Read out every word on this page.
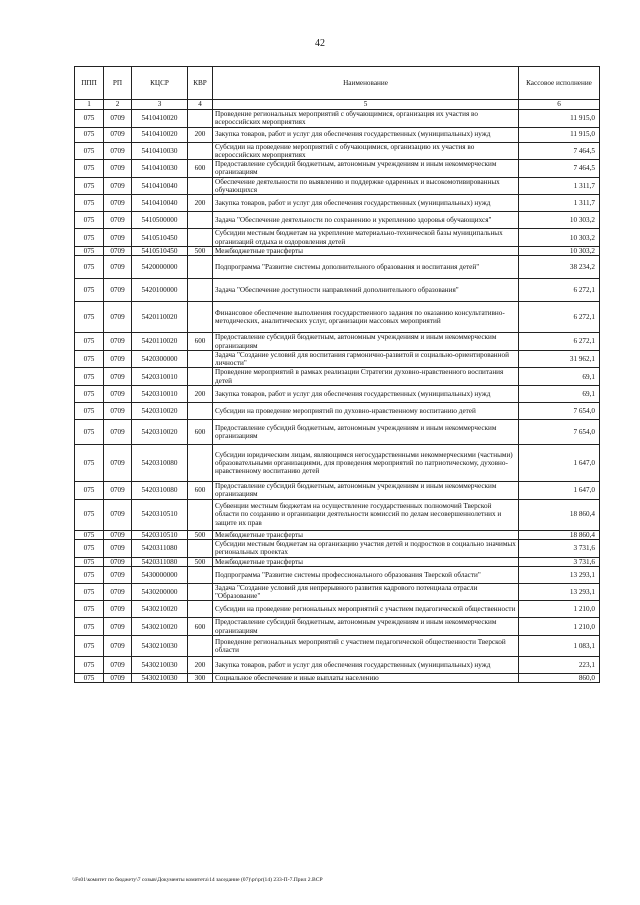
42
ППП	РП	КЦСР	КВР	Наименование	Кассовое исполнение
1	2	3	4	5	6
075	0709	5410410020		Проведение региональных мероприятий с обучающимися, организация их участия во всероссийских мероприятиях	11 915,0
075	0709	5410410020	200	Закупка товаров, работ и услуг для обеспечения государственных (муниципальных) нужд	11 915,0
075	0709	5410410030		Субсидии на проведение мероприятий с обучающимися, организацию их участия во всероссийских мероприятиях	7 464,5
075	0709	5410410030	600	Предоставление субсидий бюджетным, автономным учреждениям и иным некоммерческим организациям	7 464,5
075	0709	5410410040		Обеспечение деятельности по выявлению и поддержке одаренных и высокомотивированных обучающихся	1 311,7
075	0709	5410410040	200	Закупка товаров, работ и услуг для обеспечения государственных (муниципальных) нужд	1 311,7
075	0709	5410500000		Задача "Обеспечение деятельности по сохранению и укреплению здоровья обучающихся"	10 303,2
075	0709	5410510450		Субсидии местным бюджетам на укрепление материально-технической базы муниципальных организаций отдыха и оздоровления детей	10 303,2
075	0709	5410510450	500	Межбюджетные трансферты	10 303,2
075	0709	5420000000		Подпрограмма "Развитие системы дополнительного образования и воспитания детей"	38 234,2
075	0709	5420100000		Задача "Обеспечение доступности направлений дополнительного образования"	6 272,1
075	0709	5420110020		Финансовое обеспечение выполнения государственного задания по оказанию консультативно-методических, аналитических услуг, организации массовых мероприятий	6 272,1
075	0709	5420110020	600	Предоставление субсидий бюджетным, автономным учреждениям и иным некоммерческим организациям	6 272,1
075	0709	5420300000		Задача "Создание условий для воспитания гармонично-развитой и социально-ориентированной личности"	31 962,1
075	0709	5420310010		Проведение мероприятий в рамках реализации Стратегии духовно-нравственного воспитания детей	69,1
075	0709	5420310010	200	Закупка товаров, работ и услуг для обеспечения государственных (муниципальных) нужд	69,1
075	0709	5420310020		Субсидии на проведение мероприятий по духовно-нравственному воспитанию детей	7 654,0
075	0709	5420310020	600	Предоставление субсидий бюджетным, автономным учреждениям и иным некоммерческим организациям	7 654,0
075	0709	5420310080		Субсидии юридическим лицам, являющимся негосударственными некоммерческими (частными) образовательными организациями, для проведения мероприятий по патриотическому, духовно-нравственному воспитанию детей	1 647,0
075	0709	5420310080	600	Предоставление субсидий бюджетным, автономным учреждениям и иным некоммерческим организациям	1 647,0
075	0709	5420310510		Субвенции местным бюджетам на осуществление государственных полномочий Тверской области по созданию и организации деятельности комиссий по делам несовершеннолетних и защите их прав	18 860,4
075	0709	5420310510	500	Межбюджетные трансферты	18 860,4
075	0709	5420311080		Субсидии местным бюджетам на организацию участия детей и подростков в социально значимых региональных проектах	3 731,6
075	0709	5420311080	500	Межбюджетные трансферты	3 731,6
075	0709	5430000000		Подпрограмма "Развитие системы профессионального образования Тверской области"	13 293,1
075	0709	5430200000		Задача "Создание условий для непрерывного развития кадрового потенциала отрасли "Образование"	13 293,1
075	0709	5430210020		Субсидии на проведение региональных мероприятий с участием педагогической общественности	1 210,0
075	0709	5430210020	600	Предоставление субсидий бюджетным, автономным учреждениям и иным некоммерческим организациям	1 210,0
075	0709	5430210030		Проведение региональных мероприятий с участием педагогической общественности Тверской области	1 083,1
075	0709	5430210030	200	Закупка товаров, работ и услуг для обеспечения государственных (муниципальных) нужд	223,1
075	0709	5430210030	300	Социальное обеспечение и иные выплаты населению	860,0
\\Fs01\комитет по бюджету\7 созыв\Документы комитета\14 заседание (07)\pr\pr(14) 233-П-7.Прил 2.ВСР
